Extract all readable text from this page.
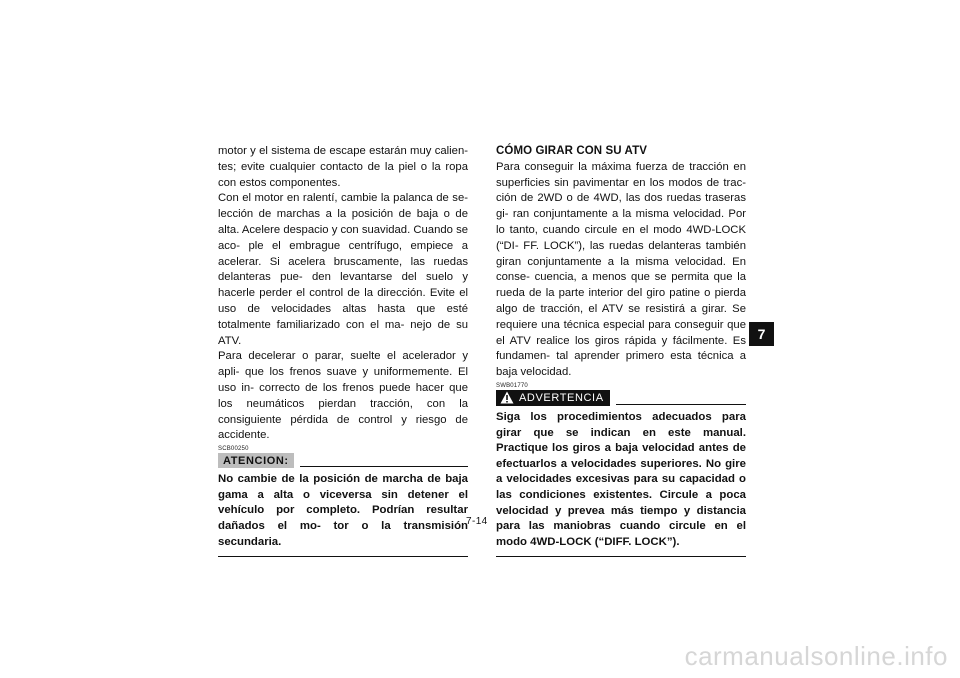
motor y el sistema de escape estarán muy calien- tes; evite cualquier contacto de la piel o la ropa con estos componentes.

Con el motor en ralentí, cambie la palanca de se- lección de marchas a la posición de baja o de alta. Acelere despacio y con suavidad. Cuando se aco- ple el embrague centrífugo, empiece a acelerar. Si acelera bruscamente, las ruedas delanteras pue- den levantarse del suelo y hacerle perder el control de la dirección. Evite el uso de velocidades altas hasta que esté totalmente familiarizado con el ma- nejo de su ATV.

Para decelerar o parar, suelte el acelerador y apli- que los frenos suave y uniformemente. El uso in- correcto de los frenos puede hacer que los neumáticos pierdan tracción, con la consiguiente pérdida de control y riesgo de accidente.

SCB00250
ATENCION:

No cambie de la posición de marcha de baja gama a alta o viceversa sin detener el vehículo por completo. Podrían resultar dañados el mo- tor o la transmisión secundaria.

CÓMO GIRAR CON SU ATV

Para conseguir la máxima fuerza de tracción en superficies sin pavimentar en los modos de trac- ción de 2WD o de 4WD, las dos ruedas traseras gi- ran conjuntamente a la misma velocidad. Por lo tanto, cuando circule en el modo 4WD-LOCK (“DI- FF. LOCK”), las ruedas delanteras también giran conjuntamente a la misma velocidad. En conse- cuencia, a menos que se permita que la rueda de la parte interior del giro patine o pierda algo de tracción, el ATV se resistirá a girar. Se requiere una técnica especial para conseguir que el ATV realice los giros rápida y fácilmente. Es fundamen- tal aprender primero esta técnica a baja velocidad.

SWB01770
ADVERTENCIA

Siga los procedimientos adecuados para girar que se indican en este manual. Practique los giros a baja velocidad antes de efectuarlos a velocidades superiores. No gire a velocidades excesivas para su capacidad o las condiciones existentes. Circule a poca velocidad y prevea más tiempo y distancia para las maniobras cuando circule en el modo 4WD-LOCK (“DIFF. LOCK”).

7
7-14
carmanualsonline.info
